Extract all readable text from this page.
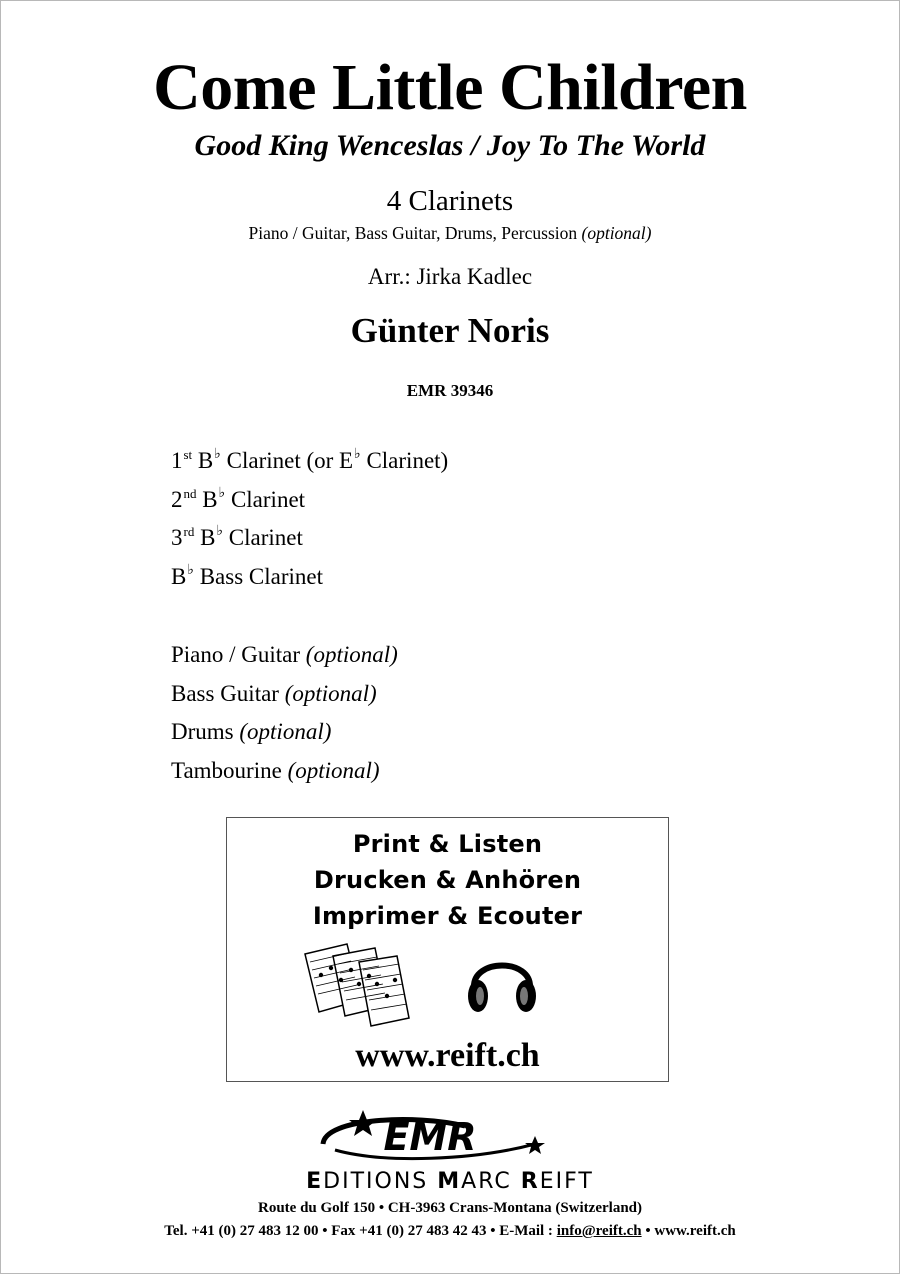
Come Little Children
Good King Wenceslas / Joy To The World
4 Clarinets
Piano / Guitar, Bass Guitar, Drums, Percussion (optional)
Arr.: Jirka Kadlec
Günter Noris
EMR 39346
1st B♭ Clarinet (or E♭ Clarinet)
2nd B♭ Clarinet
3rd B♭ Clarinet
B♭ Bass Clarinet
Piano / Guitar (optional)
Bass Guitar (optional)
Drums (optional)
Tambourine (optional)
Print & Listen
Drucken & Anhören
Imprimer & Ecouter
www.reift.ch
EMR
EDITIONS MARC REIFT
Route du Golf 150 • CH-3963 Crans-Montana (Switzerland)
Tel. +41 (0) 27 483 12 00 • Fax +41 (0) 27 483 42 43 • E-Mail : info@reift.ch • www.reift.ch
